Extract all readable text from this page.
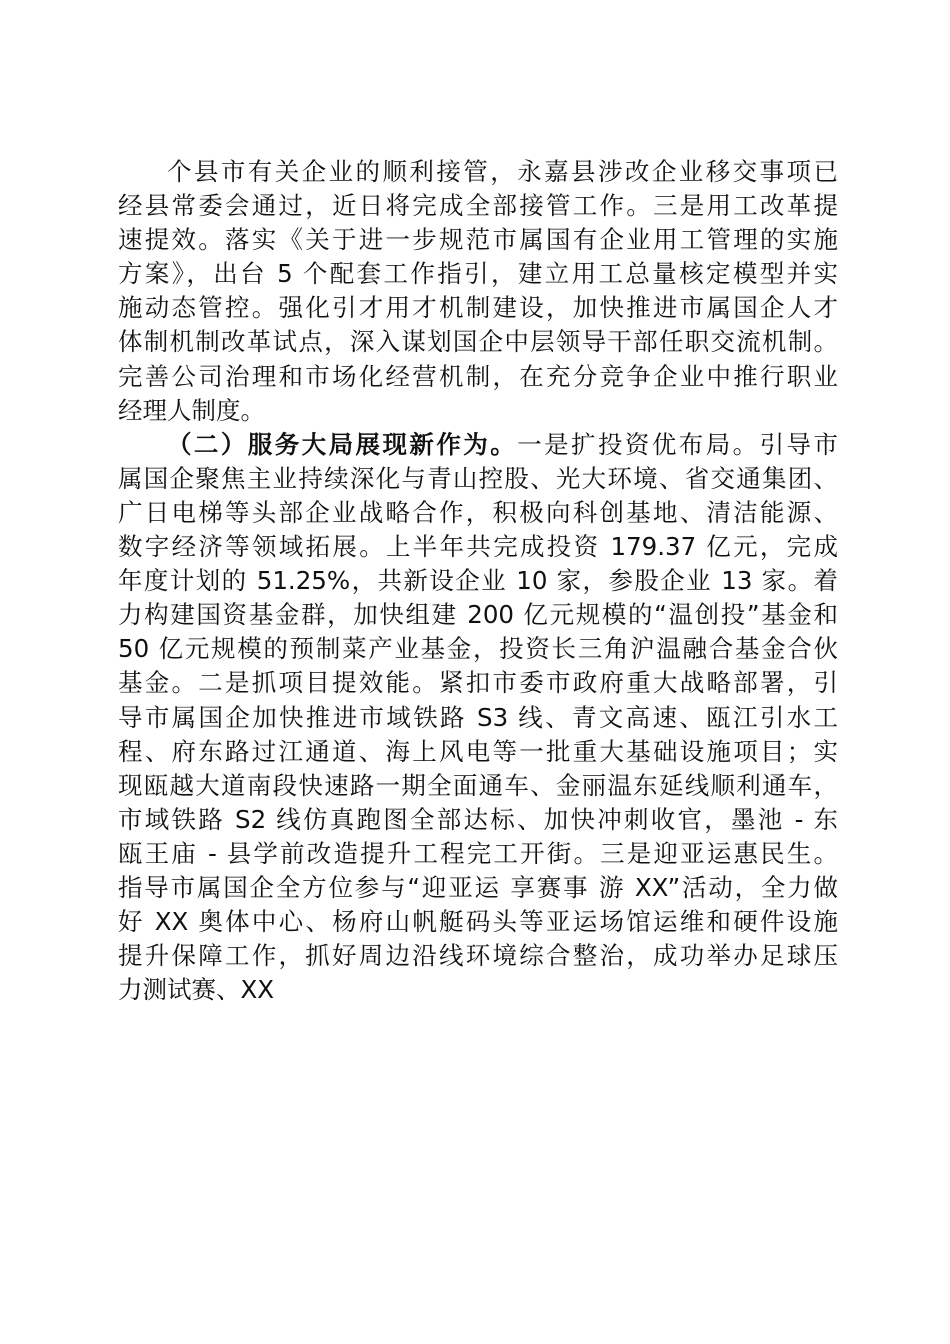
个县市有关企业的顺利接管，永嘉县涉改企业移交事项已
经县常委会通过，近日将完成全部接管工作。三是用工改革提
速提效。落实《关于进一步规范市属国有企业用工管理的实施
方案》，出台 5 个配套工作指引，建立用工总量核定模型并实
施动态管控。强化引才用才机制建设，加快推进市属国企人才
体制机制改革试点，深入谋划国企中层领导干部任职交流机制。
完善公司治理和市场化经营机制，在充分竞争企业中推行职业
经理人制度。
（二）服务大局展现新作为。一是扩投资优布局。引导市
属国企聚焦主业持续深化与青山控股、光大环境、省交通集团、
广日电梯等头部企业战略合作，积极向科创基地、清洁能源、
数字经济等领域拓展。上半年共完成投资 179.37 亿元，完成
年度计划的 51.25%，共新设企业 10 家，参股企业 13 家。着
力构建国资基金群，加快组建 200 亿元规模的“温创投”基金和
50 亿元规模的预制菜产业基金，投资长三角沪温融合基金合伙
基金。二是抓项目提效能。紧扣市委市政府重大战略部署，引
导市属国企加快推进市域铁路 S3 线、青文高速、瓯江引水工
程、府东路过江通道、海上风电等一批重大基础设施项目；实
现瓯越大道南段快速路一期全面通车、金丽温东延线顺利通车，
市域铁路 S2 线仿真跑图全部达标、加快冲刺收官，墨池 - 东
瓯王庙 - 县学前改造提升工程完工开街。三是迎亚运惠民生。
指导市属国企全方位参与“迎亚运 享赛事 游 XX”活动，全力做
好 XX 奥体中心、杨府山帆艇码头等亚运场馆运维和硬件设施
提升保障工作，抓好周边沿线环境综合整治，成功举办足球压
力测试赛、XX
